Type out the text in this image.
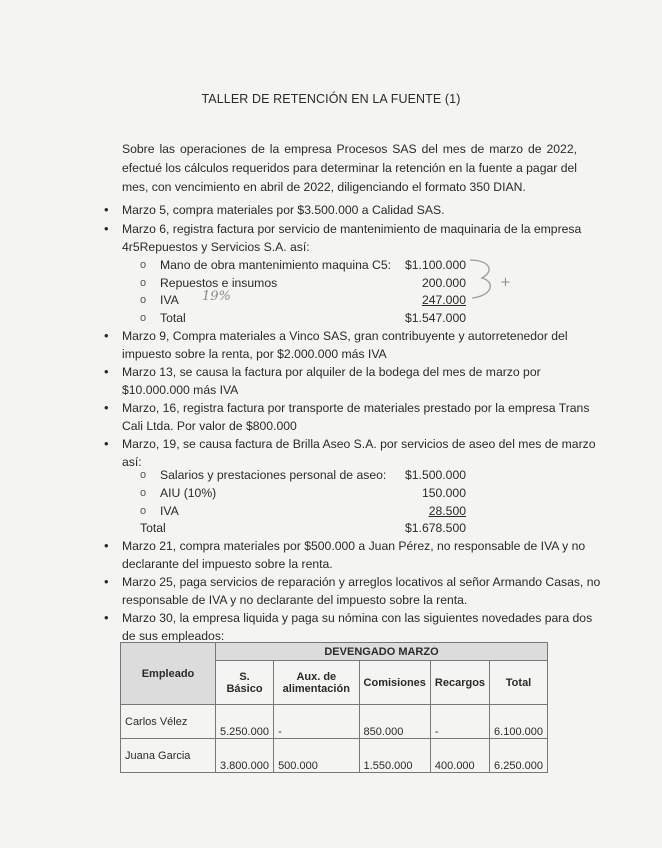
TALLER DE RETENCIÓN EN LA FUENTE (1)
Sobre las operaciones de la empresa Procesos SAS del mes de marzo de 2022, efectué los cálculos requeridos para determinar la retención en la fuente a pagar del mes, con vencimiento en abril de 2022, diligenciando el formato 350 DIAN.
• Marzo 5, compra materiales por $3.500.000 a Calidad SAS.
• Marzo 6, registra factura por servicio de mantenimiento de maquinaria de la empresa
4r5Repuestos y Servicios S.A. así:
o Mano de obra mantenimiento maquina C5:	$1.100.000
o Repuestos e insumos	200.000
o IVA	247.000
o Total	$1.547.000
19%
+
• Marzo 9, Compra materiales a Vinco SAS, gran contribuyente y autorretenedor del
impuesto sobre la renta, por $2.000.000 más IVA
• Marzo 13, se causa la factura por alquiler de la bodega del mes de marzo por
$10.000.000 más IVA
• Marzo, 16, registra factura por transporte de materiales prestado por la empresa Trans
Cali Ltda. Por valor de $800.000
• Marzo, 19, se causa factura de Brilla Aseo S.A. por servicios de aseo del mes de marzo
así:
o Salarios y prestaciones personal de aseo:	$1.500.000
o AIU (10%)	150.000
o IVA	28.500
Total	$1.678.500
• Marzo 21, compra materiales por $500.000 a Juan Pérez, no responsable de IVA y no
declarante del impuesto sobre la renta.
• Marzo 25, paga servicios de reparación y arreglos locativos al señor Armando Casas, no
responsable de IVA y no declarante del impuesto sobre la renta.
• Marzo 30, la empresa liquida y paga su nómina con las siguientes novedades para dos
de sus empleados:
Empleado	DEVENGADO MARZO				
	S. Básico	Aux. de alimentación	Comisiones	Recargos	Total
Carlos Vélez	5.250.000	-	850.000	-	6.100.000
Juana Garcia	3.800.000	500.000	1.550.000	400.000	6.250.000
